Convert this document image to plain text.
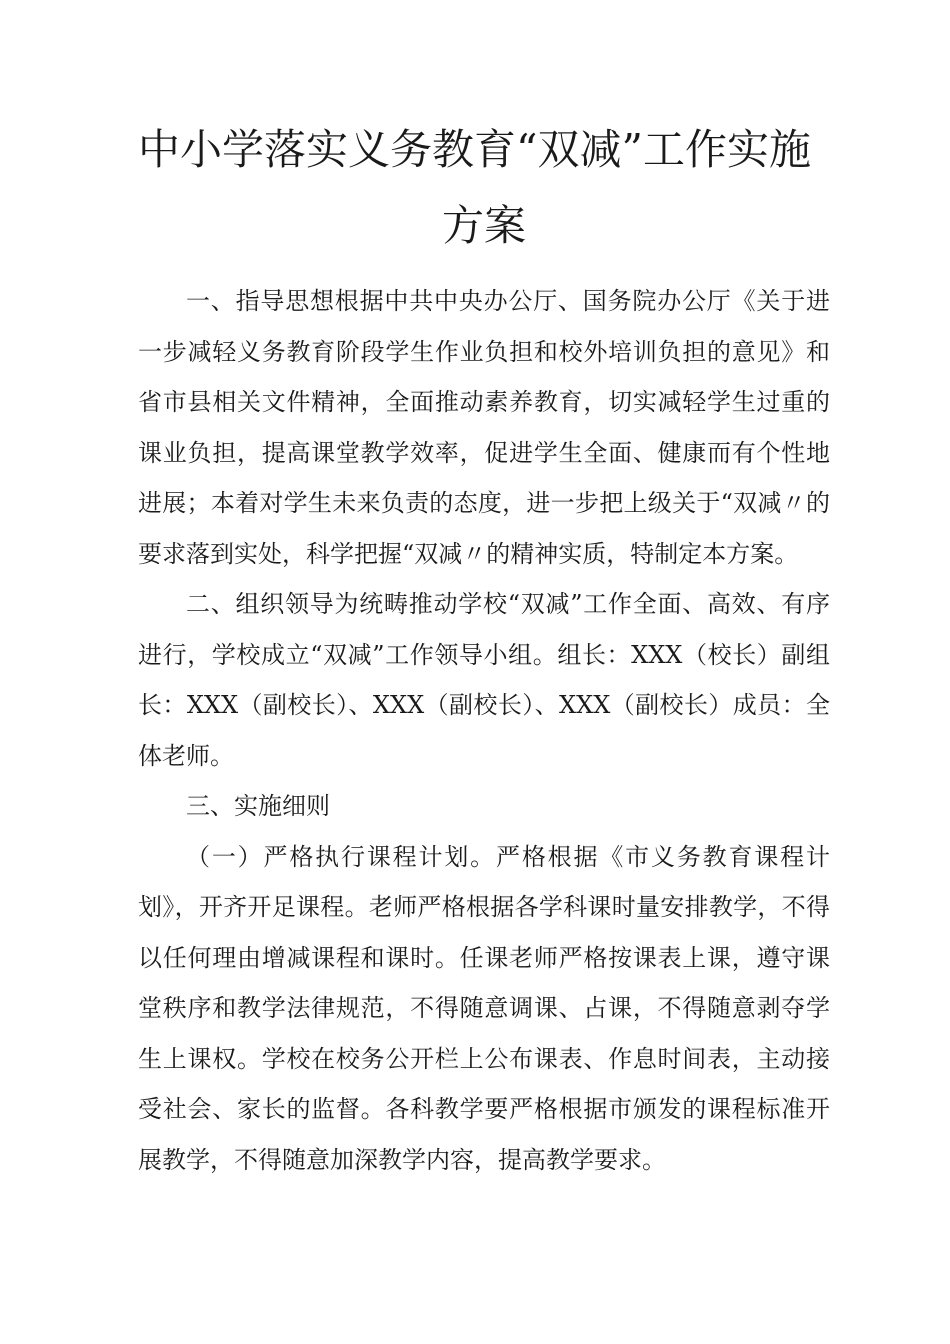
中小学落实义务教育“双减”工作实施
方案

一、指导思想根据中共中央办公厅、国务院办公厅《关于进一步减轻义务教育阶段学生作业负担和校外培训负担的意见》和省市县相关文件精神，全面推动素养教育，切实减轻学生过重的课业负担，提高课堂教学效率，促进学生全面、健康而有个性地进展；本着对学生未来负责的态度，进一步把上级关于“双减〃的要求落到实处，科学把握“双减〃的精神实质，特制定本方案。

二、组织领导为统畴推动学校“双减”工作全面、高效、有序进行，学校成立“双减”工作领导小组。组长：XXX（校长）副组长：XXX（副校长）、XXX（副校长）、XXX（副校长）成员：全体老师。

三、实施细则

（一）严格执行课程计划。严格根据《市义务教育课程计划》，开齐开足课程。老师严格根据各学科课时量安排教学，不得以任何理由增减课程和课时。任课老师严格按课表上课，遵守课堂秩序和教学法律规范，不得随意调课、占课，不得随意剥夺学生上课权。学校在校务公开栏上公布课表、作息时间表，主动接受社会、家长的监督。各科教学要严格根据市颁发的课程标准开展教学，不得随意加深教学内容，提高教学要求。
